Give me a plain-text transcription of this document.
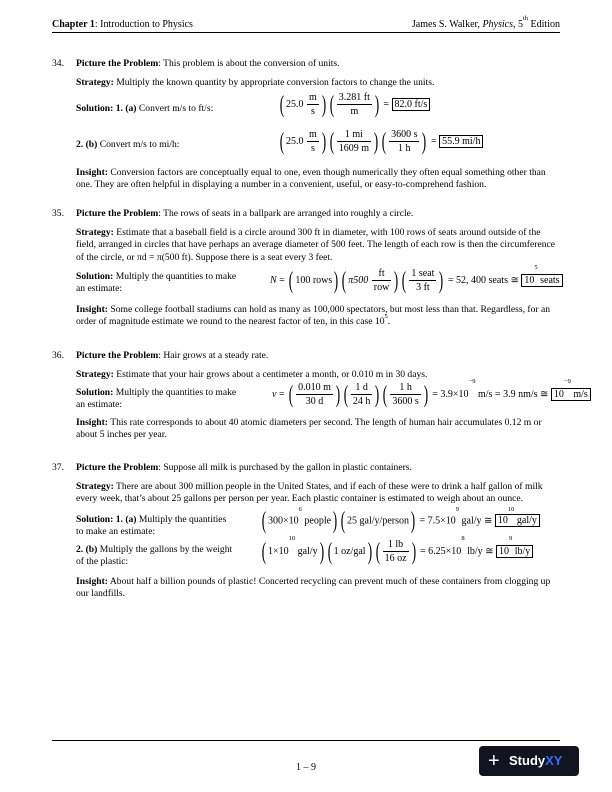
Chapter 1: Introduction to Physics	James S. Walker, Physics, 5th Edition
34. Picture the Problem: This problem is about the conversion of units.
Strategy: Multiply the known quantity by appropriate conversion factors to change the units.
Solution: 1. (a) Convert m/s to ft/s:	( $25.0 \frac{m}{s}$ ) ( $\frac{3.281 ft}{m}$ ) = 82.0 ft/s
2. (b) Convert m/s to mi/h:	( $25.0 \frac{m}{s}$ ) ( $\frac{1 mi}{1609 m}$ ) ( $\frac{3600 s}{1 h}$ ) = 55.9 mi/h
Insight: Conversion factors are conceptually equal to one, even though numerically they often equal something other than one. They are often helpful in displaying a number in a convenient, useful, or easy-to-comprehend fashion.
35. Picture the Problem: The rows of seats in a ballpark are arranged into roughly a circle.
Strategy: Estimate that a baseball field is a circle around 300 ft in diameter, with 100 rows of seats around outside of the field, arranged in circles that have perhaps an average diameter of 500 feet. The length of each row is then the circumference of the circle, or πd = π(500 ft). Suppose there is a seat every 3 feet.
Solution: Multiply the quantities to make an estimate:
N = ( 100 rows) ( $\pi 500 \frac{ft}{\text{row}}$ ) ( $\frac{\text{1 seat}}{3 ft}$ ) = 52, 400 seats ≅ $10^5$ seats
Insight: Some college football stadiums can hold as many as 100,000 spectators, but most less than that. Regardless, for an order of magnitude estimate we round to the nearest factor of ten, in this case $10^5$.
36. Picture the Problem: Hair grows at a steady rate.
Strategy: Estimate that your hair grows about a centimeter a month, or 0.010 m in 30 days.
Solution: Multiply the quantities to make an estimate:
v = ( $\frac{0.010 m}{30 d}$ ) ( $\frac{1 d}{24 h}$ ) ( $\frac{1 h}{3600 s}$ ) = $3.9\times 10^{-9}$ m/s = 3.9 nm/s ≅ $10^{-9}$ m/s
Insight: This rate corresponds to about 40 atomic diameters per second. The length of human hair accumulates 0.12 m or about 5 inches per year.
37. Picture the Problem: Suppose all milk is purchased by the gallon in plastic containers.
Strategy: There are about 300 million people in the United States, and if each of these were to drink a half gallon of milk every week, that’s about 25 gallons per person per year. Each plastic container is estimated to weigh about an ounce.
Solution: 1. (a) Multiply the quantities to make an estimate:	( $300\times 10^6$ people) ( 25 gal/y/person) = $7.5\times 10^9$ gal/y ≅ $10^{10}$ gal/y
2. (b) Multiply the gallons by the weight of the plastic:	( $1\times 10^{10}$ gal/y) ( 1 oz/gal) ( $\frac{1 lb}{16 oz}$ ) = $6.25\times 10^8$ lb/y ≅ $10^9$ lb/y
Insight: About half a billion pounds of plastic! Concerted recycling can prevent much of these containers from clogging up our landfills.
1 – 9	+ StudyXY
